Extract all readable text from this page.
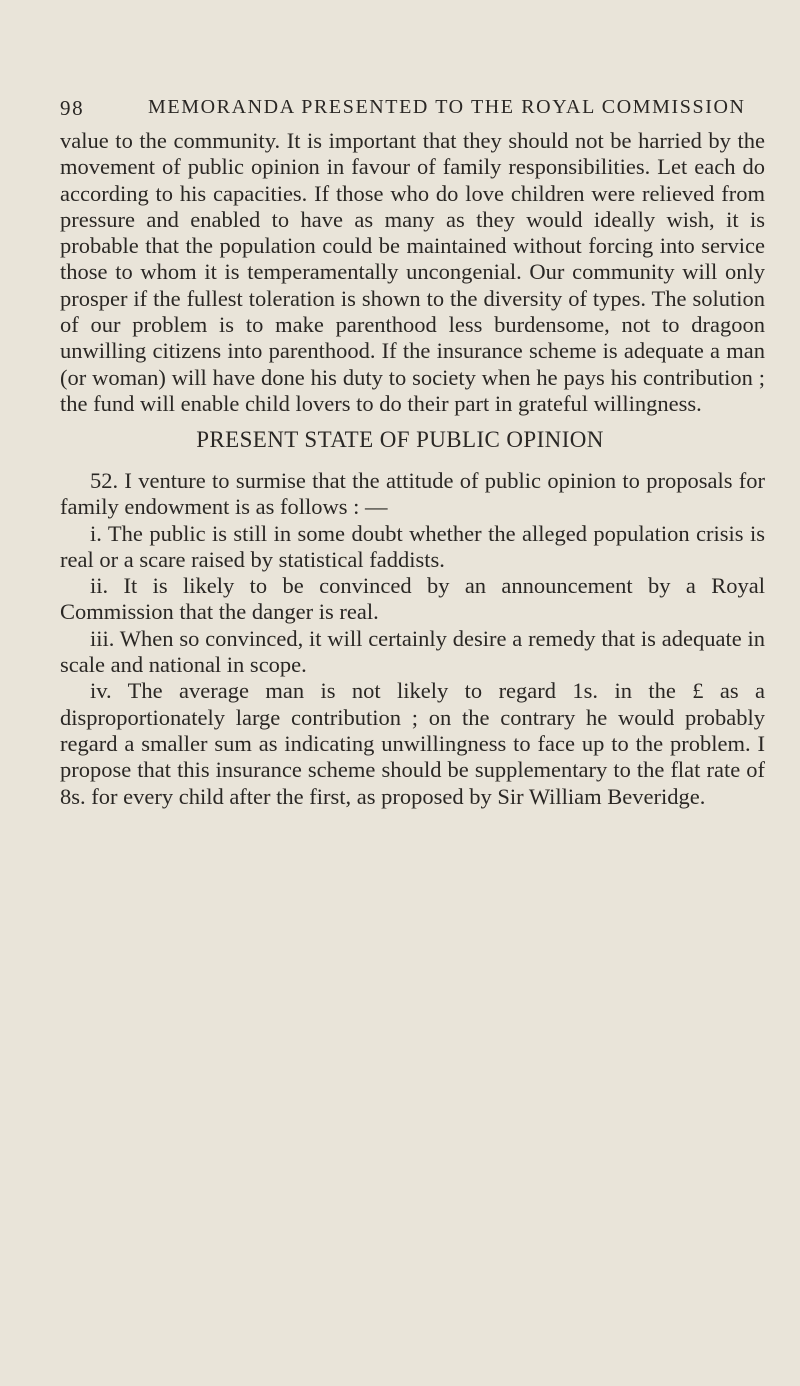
98	MEMORANDA PRESENTED TO THE ROYAL COMMISSION

value to the community. It is important that they should not be harried by the movement of public opinion in favour of family responsibilities. Let each do according to his capacities. If those who do love children were relieved from pressure and enabled to have as many as they would ideally wish, it is probable that the population could be maintained without forcing into service those to whom it is temperamentally uncongenial. Our community will only prosper if the fullest toleration is shown to the diversity of types. The solution of our problem is to make parenthood less burdensome, not to dragoon unwilling citizens into parenthood. If the insurance scheme is adequate a man (or woman) will have done his duty to society when he pays his contribution ; the fund will enable child lovers to do their part in grateful willingness.

PRESENT STATE OF PUBLIC OPINION

52. I venture to surmise that the attitude of public opinion to proposals for family endowment is as follows : —

i. The public is still in some doubt whether the alleged population crisis is real or a scare raised by statistical faddists.

ii. It is likely to be convinced by an announcement by a Royal Commission that the danger is real.

iii. When so convinced, it will certainly desire a remedy that is adequate in scale and national in scope.

iv. The average man is not likely to regard 1s. in the £ as a disproportionately large contribution ; on the contrary he would probably regard a smaller sum as indicating unwillingness to face up to the problem. I propose that this insurance scheme should be supplementary to the flat rate of 8s. for every child after the first, as proposed by Sir William Beveridge.
